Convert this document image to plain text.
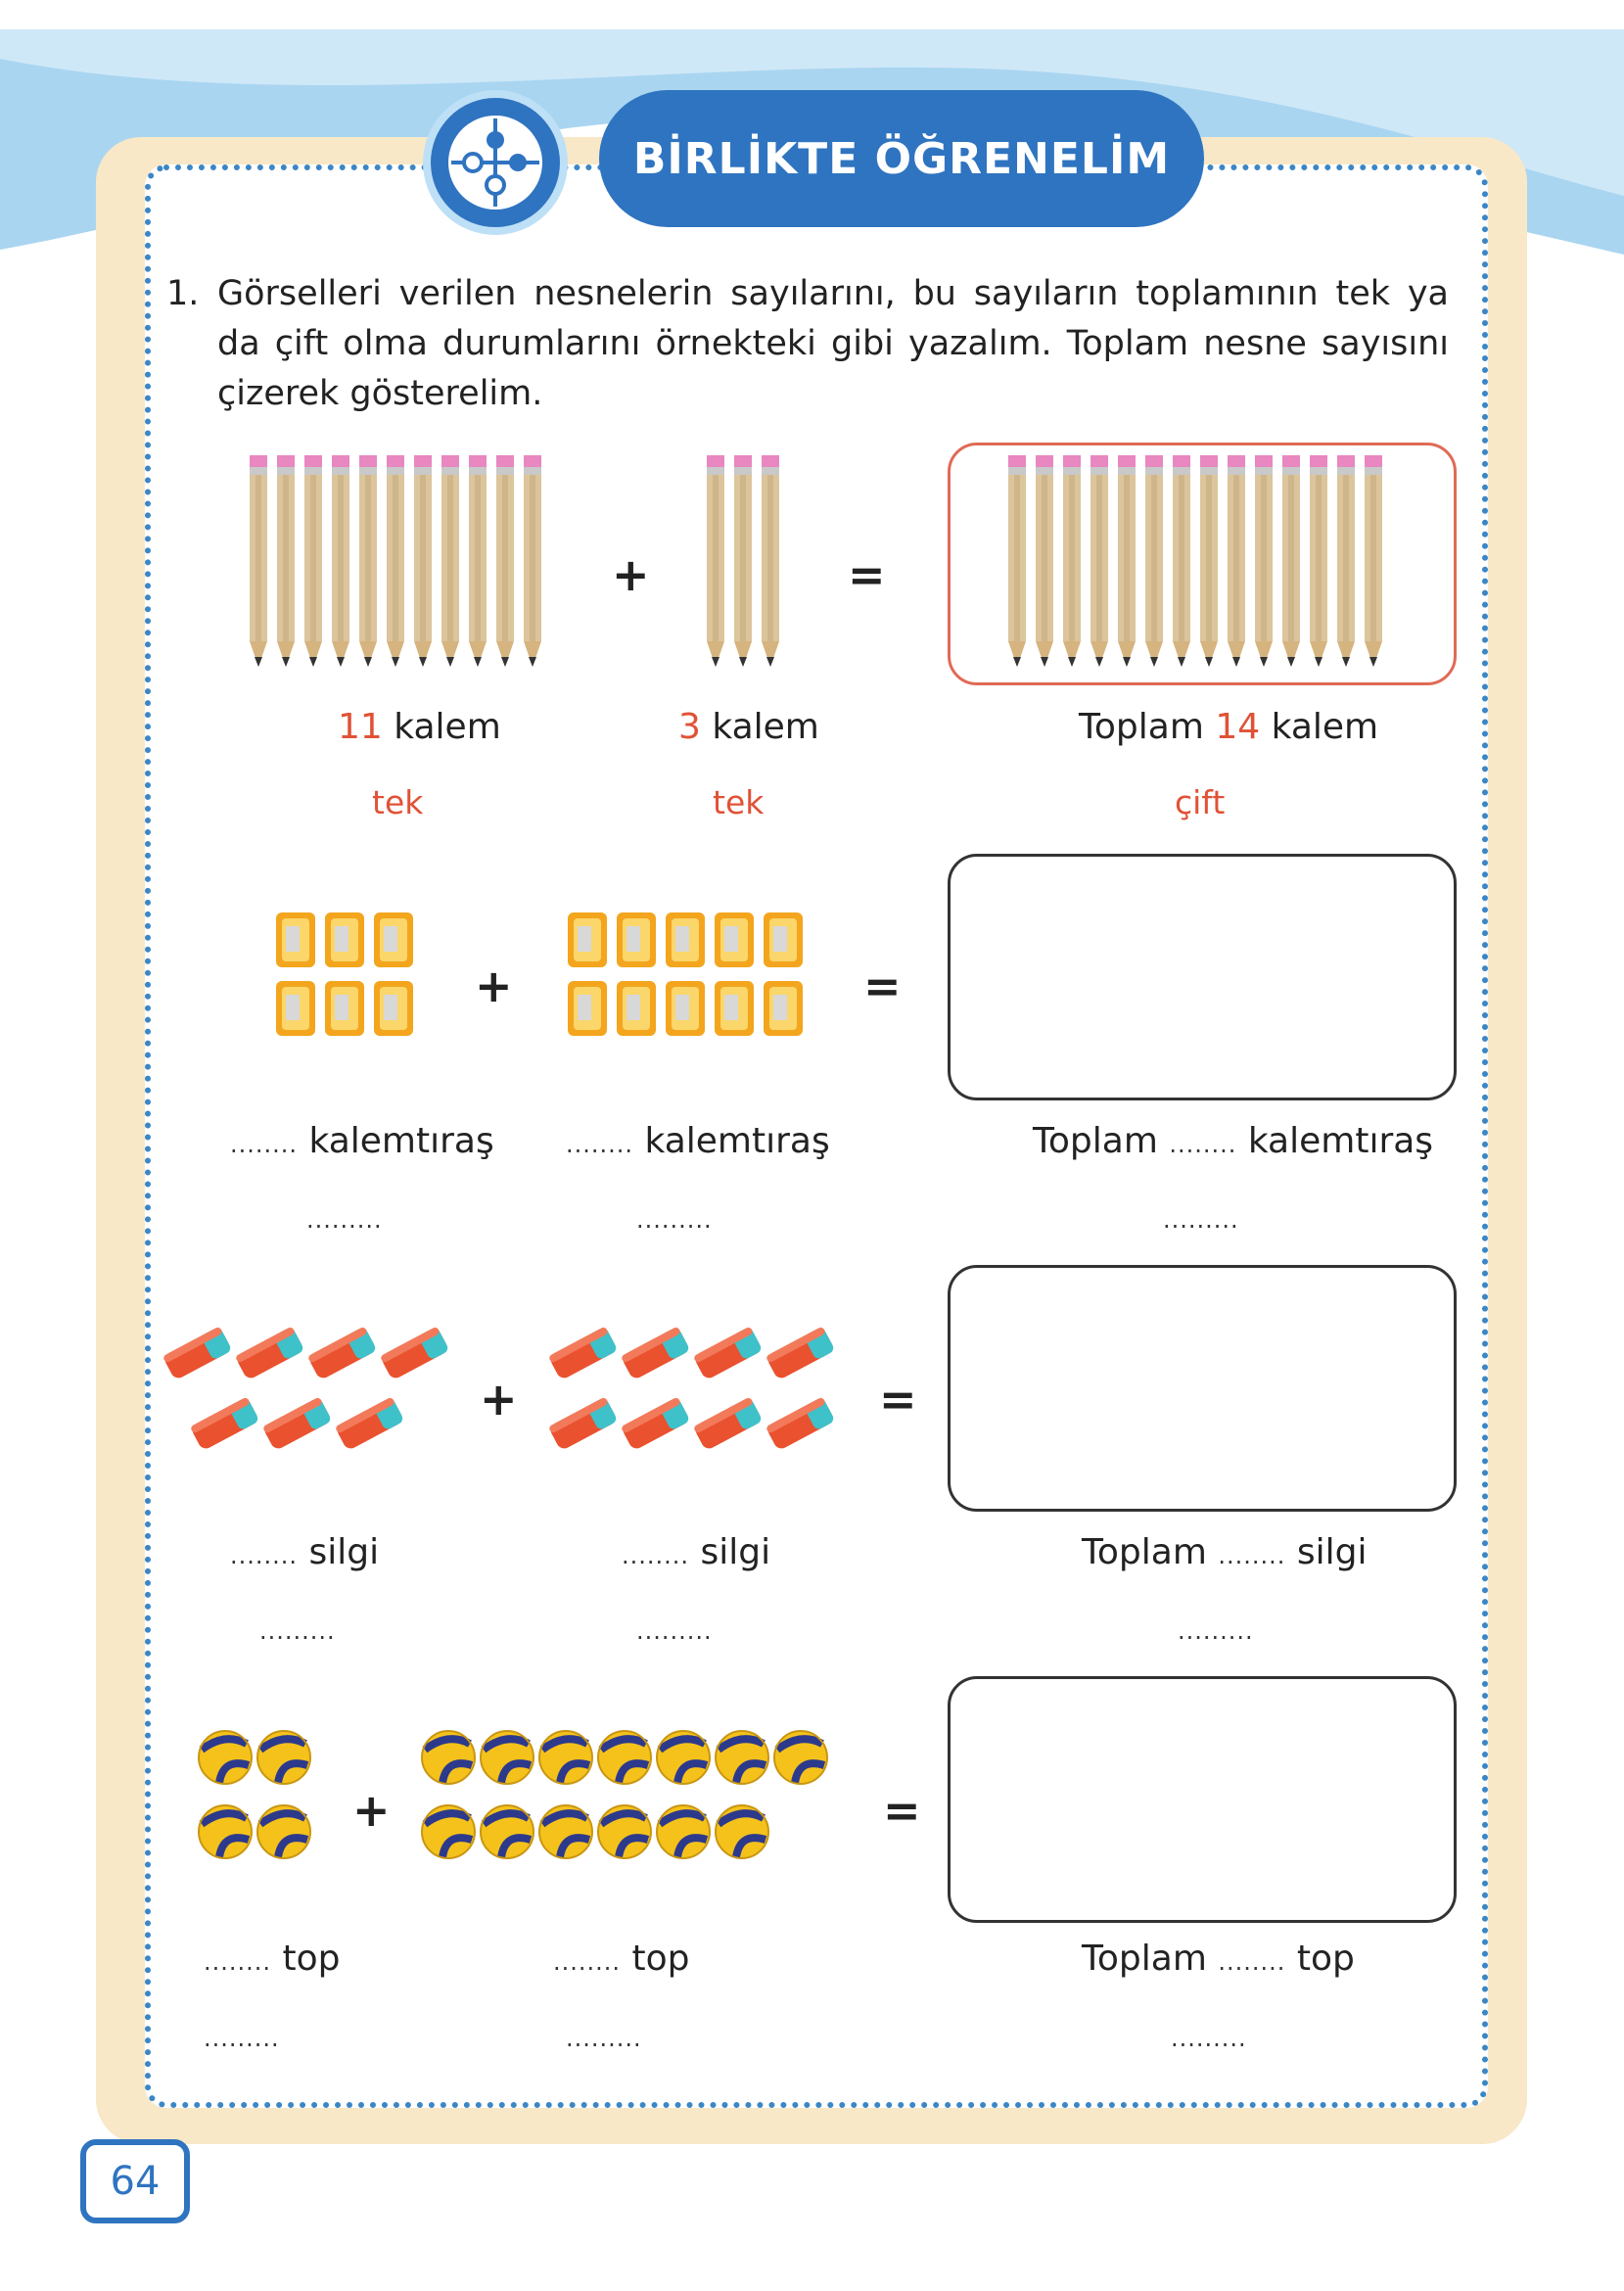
BİRLİKTE ÖĞRENELİM
1. Görselleri verilen nesnelerin sayılarını, bu sayıların toplamının tek ya da çift olma durumlarını örnekteki gibi yazalım. Toplam nesne sayısını çizerek gösterelim.
+	=
11 kalem	3 kalem	Toplam 14 kalem
tek	tek	çift
+	=
........ kalemtıraş	........ kalemtıraş	Toplam ........ kalemtıraş
.........	.........	.........
+	=
........ silgi	........ silgi	Toplam ........ silgi
.........	.........	.........
+	=
........ top	........ top	Toplam ........ top
.........	.........	.........
64
